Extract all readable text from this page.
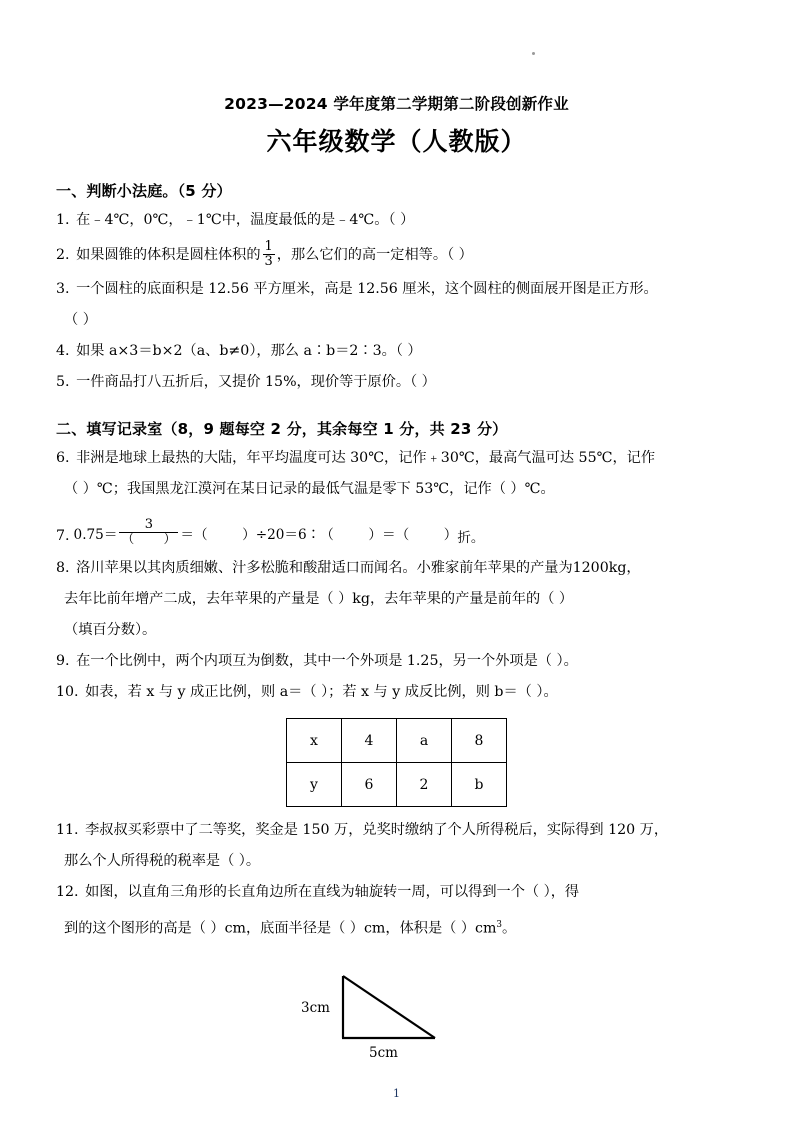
2023—2024 学年度第二学期第二阶段创新作业
六年级数学（人教版）
一、判断小法庭。（5 分）
1. 在﹣4℃，0℃，﹣1℃中，温度最低的是﹣4℃。（ ）
2. 如果圆锥的体积是圆柱体积的 $\frac{1}{3}$ ，那么它们的高一定相等。（ ）
3. 一个圆柱的底面积是 12.56 平方厘米，高是 12.56 厘米，这个圆柱的侧面展开图是正方形。
（ ）
4. 如果 a×3＝b×2（a、b≠0），那么 a∶b＝2∶3。（ ）
5. 一件商品打八五折后，又提价 15%，现价等于原价。（ ）
二、填写记录室（8，9 题每空 2 分，其余每空 1 分，共 23 分）
6. 非洲是地球上最热的大陆，年平均温度可达 30℃，记作﹢30℃，最高气温可达 55℃，记作
（ ）℃；我国黑龙江漠河在某日记录的最低气温是零下 53℃，记作（ ）℃。
7. $0.75= \frac{3}{( )}$ ＝（        ）÷20＝6∶（        ）＝（        ） 折。
8. 洛川苹果以其肉质细嫩、汁多松脆和酸甜适口而闻名。小雅家前年苹果的产量为1200kg，
去年比前年增产二成，去年苹果的产量是（ ）kg，去年苹果的产量是前年的（ ）
（填百分数）。
9. 在一个比例中，两个内项互为倒数，其中一个外项是 1.25，另一个外项是（ ）。
10. 如表，若 x 与 y 成正比例，则 a＝（ ）；若 x 与 y 成反比例，则 b＝（ ）。
x	4	a	8
y	6	2	b
11. 李叔叔买彩票中了二等奖，奖金是 150 万，兑奖时缴纳了个人所得税后，实际得到 120 万，
那么个人所得税的税率是（ ）。
12. 如图，以直角三角形的长直角边所在直线为轴旋转一周，可以得到一个（ ），得
到的这个图形的高是（ ）cm，底面半径是（ ）cm，体积是（ ）$cm^3$。
3cm
5cm
1
